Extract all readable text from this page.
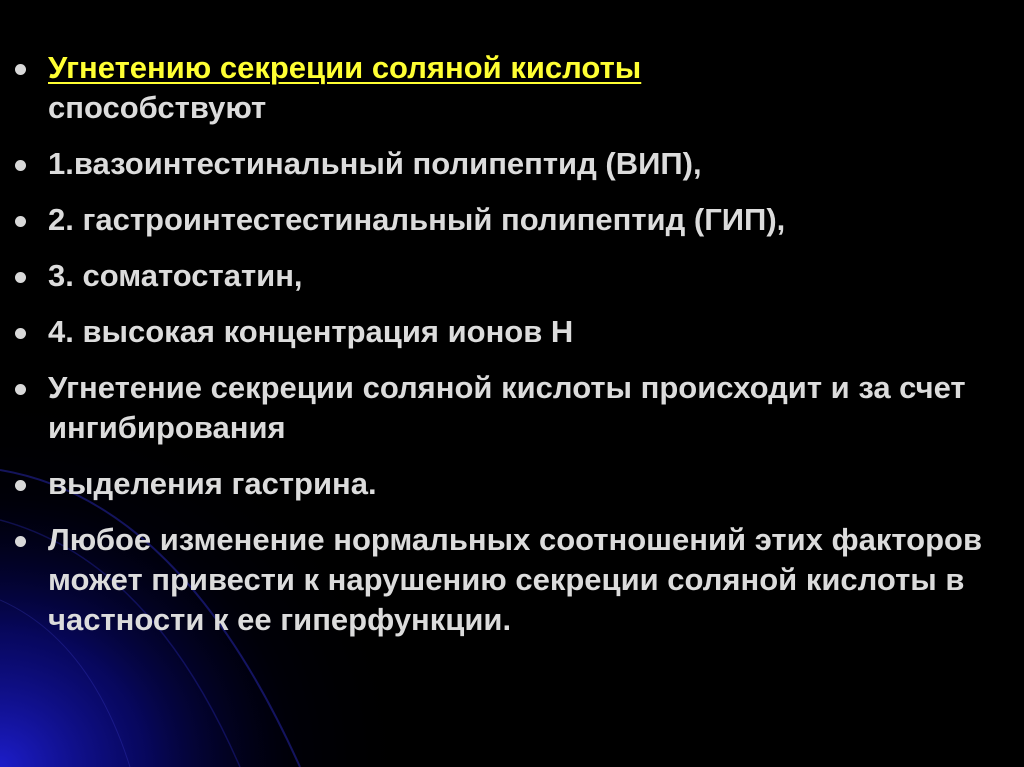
Угнетению секреции соляной кислоты
способствуют
1.вазоинтестинальный полипептид (ВИП),
2. гастроинтестестинальный полипептид (ГИП),
3. соматостатин,
4. высокая концентрация ионов Н
Угнетение секреции соляной кислоты происходит и за счет ингибирования
выделения гастрина.
Любое изменение нормальных соотношений этих факторов может привести к нарушению секреции соляной кислоты в частности к ее гиперфункции.
